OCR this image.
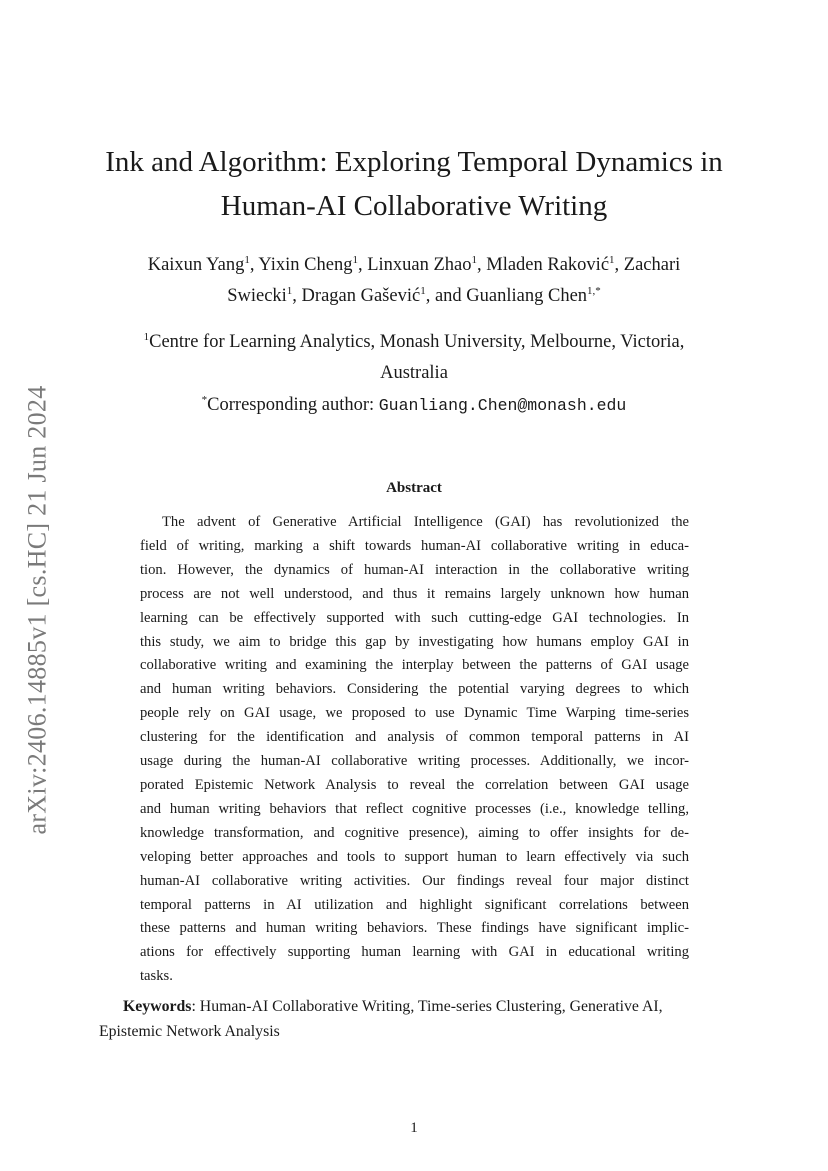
arXiv:2406.14885v1 [cs.HC] 21 Jun 2024
Ink and Algorithm: Exploring Temporal Dynamics in
Human-AI Collaborative Writing
Kaixun Yang$^1$, Yixin Cheng$^1$, Linxuan Zhao$^1$, Mladen Raković$^1$, Zachari
Swiecki$^1$, Dragan Gašević$^1$, and Guanliang Chen$^{1,*}$
$^1$Centre for Learning Analytics, Monash University, Melbourne, Victoria,
Australia
*Corresponding author: Guanliang.Chen@monash.edu
Abstract
The advent of Generative Artificial Intelligence (GAI) has revolutionized the
field of writing, marking a shift towards human-AI collaborative writing in educa-
tion. However, the dynamics of human-AI interaction in the collaborative writing
process are not well understood, and thus it remains largely unknown how human
learning can be effectively supported with such cutting-edge GAI technologies. In
this study, we aim to bridge this gap by investigating how humans employ GAI in
collaborative writing and examining the interplay between the patterns of GAI usage
and human writing behaviors. Considering the potential varying degrees to which
people rely on GAI usage, we proposed to use Dynamic Time Warping time-series
clustering for the identification and analysis of common temporal patterns in AI
usage during the human-AI collaborative writing processes. Additionally, we incor-
porated Epistemic Network Analysis to reveal the correlation between GAI usage
and human writing behaviors that reflect cognitive processes (i.e., knowledge telling,
knowledge transformation, and cognitive presence), aiming to offer insights for de-
veloping better approaches and tools to support human to learn effectively via such
human-AI collaborative writing activities. Our findings reveal four major distinct
temporal patterns in AI utilization and highlight significant correlations between
these patterns and human writing behaviors. These findings have significant implic-
ations for effectively supporting human learning with GAI in educational writing
tasks.
Keywords: Human-AI Collaborative Writing, Time-series Clustering, Generative AI,
Epistemic Network Analysis
1
